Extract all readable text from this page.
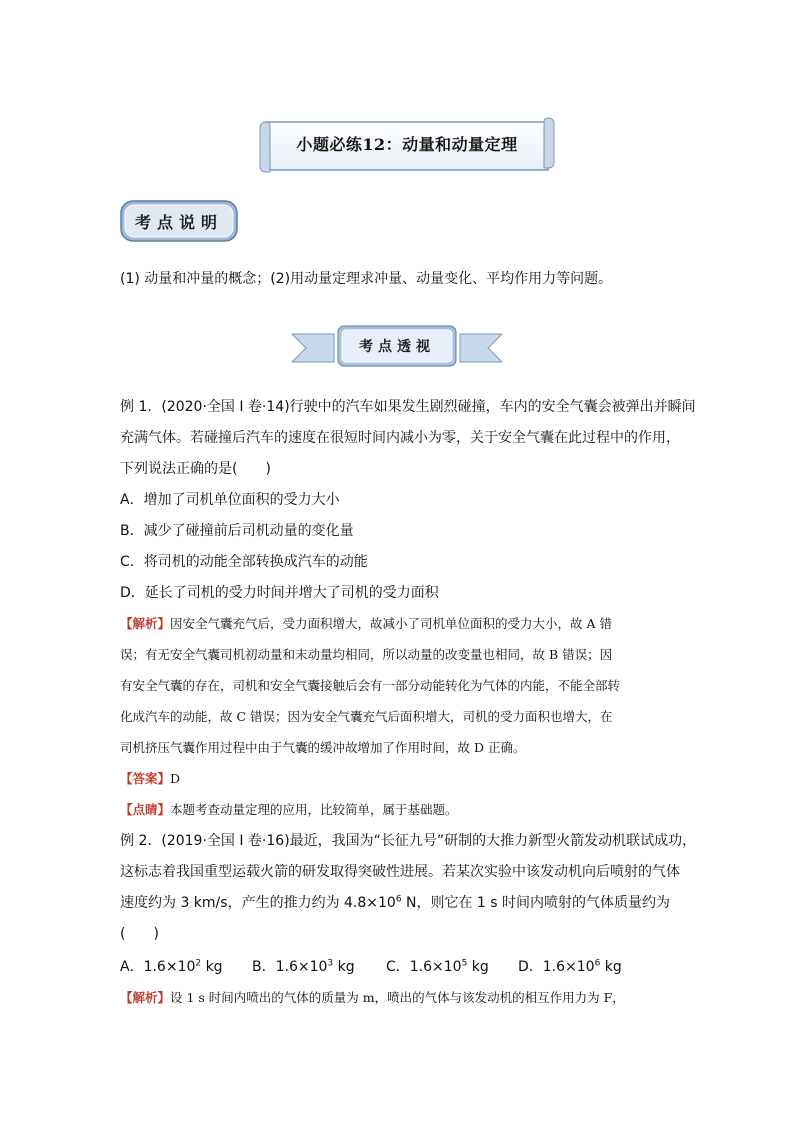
小题必练12：动量和动量定理
考点说明
(1) 动量和冲量的概念；(2)用动量定理求冲量、动量变化、平均作用力等问题。
考点透视
例 1．(2020·全国 I 卷·14)行驶中的汽车如果发生剧烈碰撞，车内的安全气囊会被弹出并瞬间
充满气体。若碰撞后汽车的速度在很短时间内减小为零，关于安全气囊在此过程中的作用，
下列说法正确的是(　　)
A．增加了司机单位面积的受力大小
B．减少了碰撞前后司机动量的变化量
C．将司机的动能全部转换成汽车的动能
D．延长了司机的受力时间并增大了司机的受力面积
【解析】因安全气囊充气后，受力面积增大，故减小了司机单位面积的受力大小，故 A 错
误；有无安全气囊司机初动量和末动量均相同，所以动量的改变量也相同，故 B 错误；因
有安全气囊的存在，司机和安全气囊接触后会有一部分动能转化为气体的内能，不能全部转
化成汽车的动能，故 C 错误；因为安全气囊充气后面积增大，司机的受力面积也增大，在
司机挤压气囊作用过程中由于气囊的缓冲故增加了作用时间，故 D 正确。
【答案】D
【点睛】本题考查动量定理的应用，比较简单，属于基础题。
例 2．(2019·全国 I 卷·16)最近，我国为“长征九号”研制的大推力新型火箭发动机联试成功，
这标志着我国重型运载火箭的研发取得突破性进展。若某次实验中该发动机向后喷射的气体
速度约为 3 km/s，产生的推力约为 $4.8\times 10^6$ N，则它在 1 s 时间内喷射的气体质量约为
(　　)
A．$1.6\times 10^2$ kg B．$1.6\times 10^3$ kg C．$1.6\times 10^5$ kg D．$1.6\times 10^6$ kg
【解析】设 1 s 时间内喷出的气体的质量为 m，喷出的气体与该发动机的相互作用力为 F，
